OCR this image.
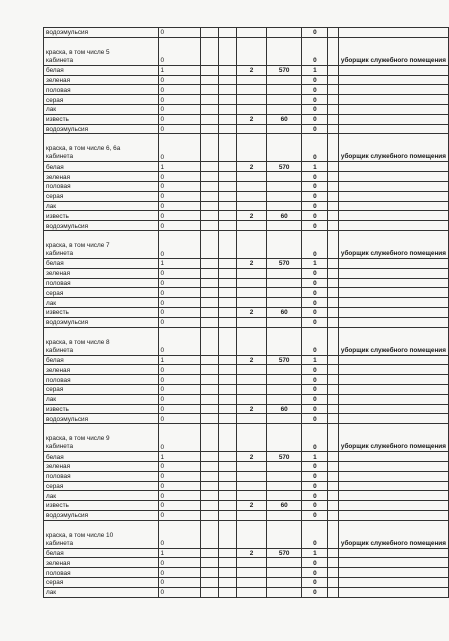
водоэмульсия	0					0		

краска, в том числе 5
кабинета	0					0		уборщик служебного помещения
белая	1			2	570	1		
зеленая	0					0		
половая	0					0		
серая	0					0		
лак	0					0		
известь	0			2	60	0		
водоэмульсия	0					0		

краска, в том числе 6, 6а
кабинета	0					0		уборщик служебного помещения
белая	1			2	570	1		
зеленая	0					0		
половая	0					0		
серая	0					0		
лак	0					0		
известь	0			2	60	0		
водоэмульсия	0					0		

краска, в том числе 7
кабинета	0					0		уборщик служебного помещения
белая	1			2	570	1		
зеленая	0					0		
половая	0					0		
серая	0					0		
лак	0					0		
известь	0			2	60	0		
водоэмульсия	0					0		

краска, в том числе 8
кабинета	0					0		уборщик служебного помещения
белая	1			2	570	1		
зеленая	0					0		
половая	0					0		
серая	0					0		
лак	0					0		
известь	0			2	60	0		
водоэмульсия	0					0		

краска, в том числе 9
кабинета	0					0		уборщик служебного помещения
белая	1			2	570	1		
зеленая	0					0		
половая	0					0		
серая	0					0		
лак	0					0		
известь	0			2	60	0		
водоэмульсия	0					0		

краска, в том числе 10
кабинета	0					0		уборщик служебного помещения
белая	1			2	570	1		
зеленая	0					0		
половая	0					0		
серая	0					0		
лак	0					0		
